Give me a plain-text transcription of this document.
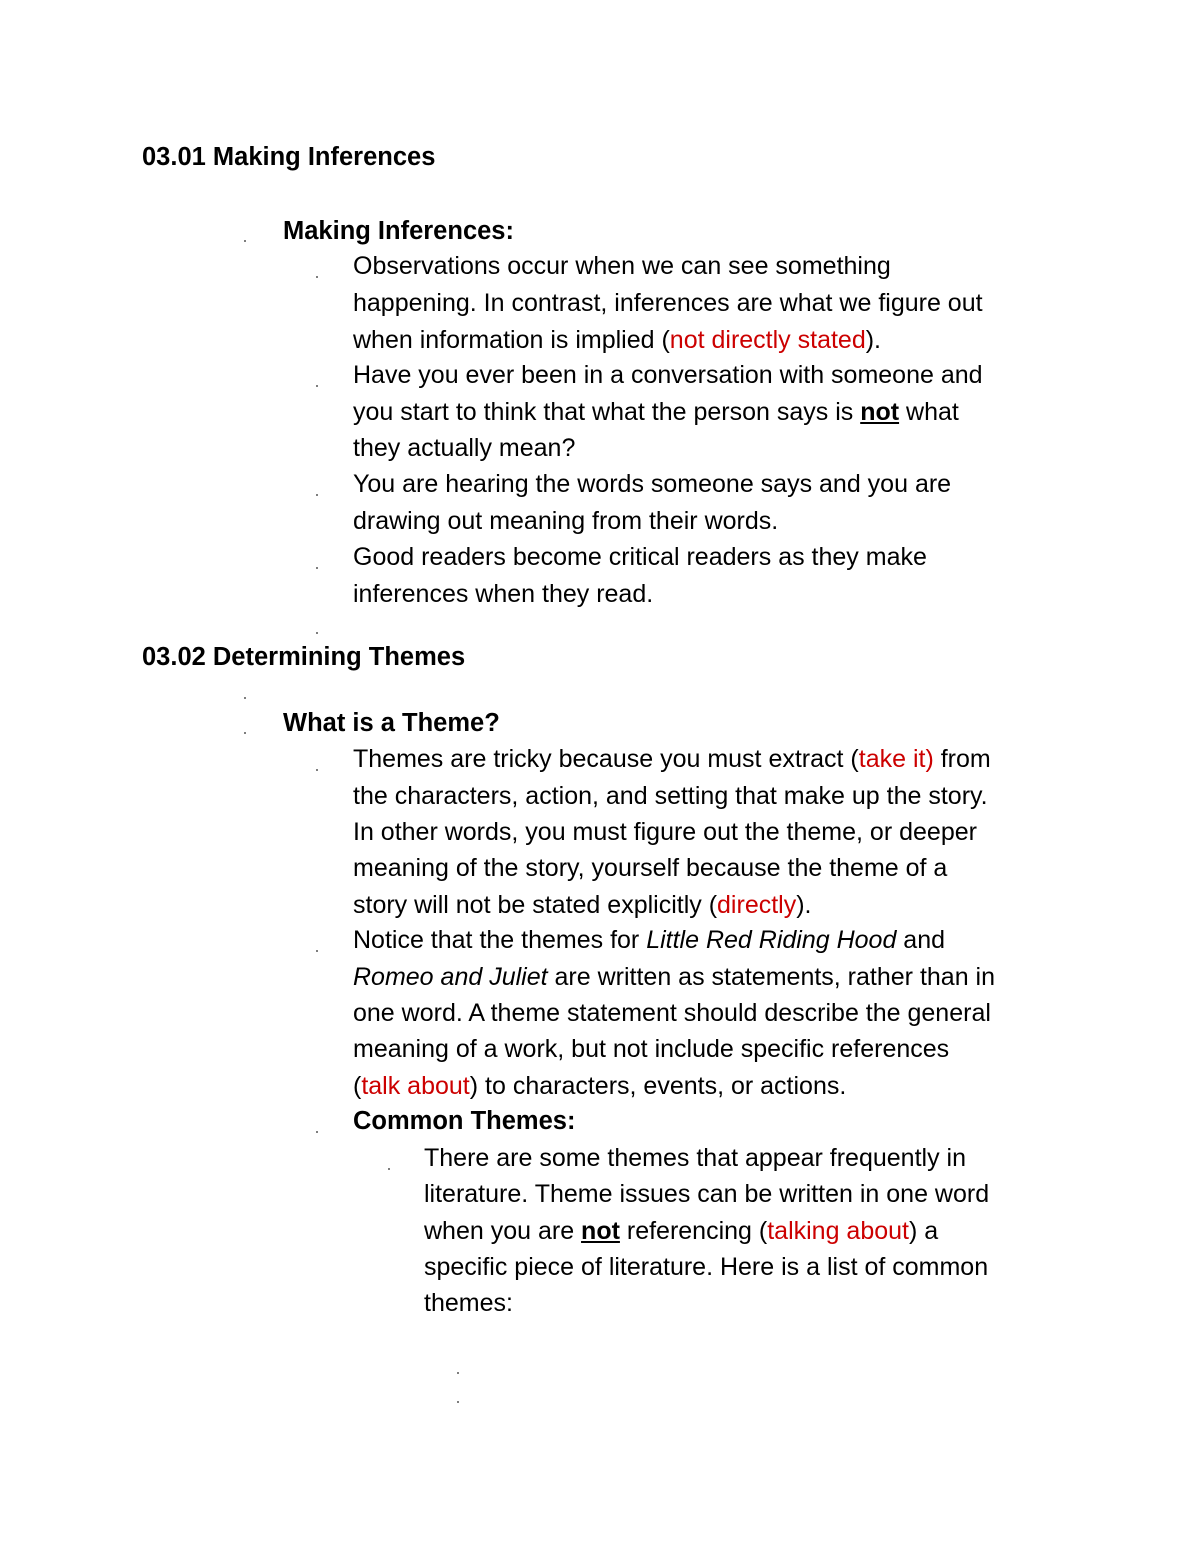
03.01 Making Inferences
Making Inferences:
Observations occur when we can see something
happening. In contrast, inferences are what we figure out
when information is implied (not directly stated).
Have you ever been in a conversation with someone and
you start to think that what the person says is not what
they actually mean?
You are hearing the words someone says and you are
drawing out meaning from their words.
Good readers become critical readers as they make
inferences when they read.
03.02 Determining Themes
What is a Theme?
Themes are tricky because you must extract (take it) from
the characters, action, and setting that make up the story.
In other words, you must figure out the theme, or deeper
meaning of the story, yourself because the theme of a
story will not be stated explicitly (directly).
Notice that the themes for Little Red Riding Hood and
Romeo and Juliet are written as statements, rather than in
one word. A theme statement should describe the general
meaning of a work, but not include specific references
(talk about) to characters, events, or actions.
Common Themes:
There are some themes that appear frequently in
literature. Theme issues can be written in one word
when you are not referencing (talking about) a
specific piece of literature. Here is a list of common
themes:
